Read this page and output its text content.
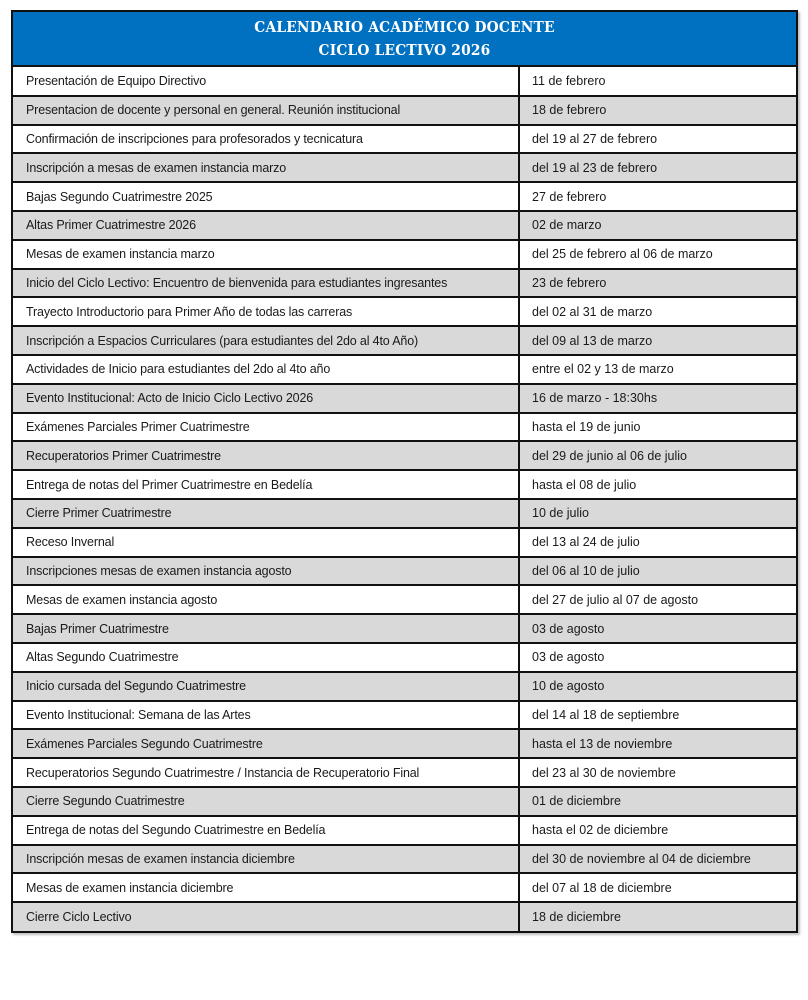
CALENDARIO ACADÉMICO DOCENTE
CICLO LECTIVO 2026
Presentación de Equipo Directivo	11 de febrero
Presentacion de docente y personal en general. Reunión institucional	18 de febrero
Confirmación de inscripciones para profesorados y tecnicatura	del 19 al 27 de febrero
Inscripción a mesas de examen instancia marzo	del 19 al 23 de febrero
Bajas Segundo Cuatrimestre 2025	27 de febrero
Altas Primer Cuatrimestre 2026	02 de marzo
Mesas de examen instancia marzo	del 25 de febrero al 06 de marzo
Inicio del Ciclo Lectivo: Encuentro de bienvenida para estudiantes ingresantes	23 de febrero
Trayecto Introductorio para Primer Año de todas las carreras	del 02 al 31 de marzo
Inscripción a Espacios Curriculares (para estudiantes del 2do al 4to Año)	del 09 al 13 de marzo
Actividades de Inicio para estudiantes del 2do al 4to año	entre el 02 y 13 de marzo
Evento Institucional: Acto de Inicio Ciclo Lectivo 2026	16 de marzo - 18:30hs
Exámenes Parciales Primer Cuatrimestre	hasta el 19 de junio
Recuperatorios Primer Cuatrimestre	del 29 de junio al 06 de julio
Entrega de notas del Primer Cuatrimestre en Bedelía	hasta el 08 de julio
Cierre Primer Cuatrimestre	10 de julio
Receso Invernal	del 13 al 24 de julio
Inscripciones mesas de examen instancia agosto	del 06 al 10 de julio
Mesas de examen instancia agosto	del 27 de julio al 07 de agosto
Bajas Primer Cuatrimestre	03 de agosto
Altas Segundo Cuatrimestre	03 de agosto
Inicio cursada del Segundo Cuatrimestre	10 de agosto
Evento Institucional: Semana de las Artes	del 14 al 18 de septiembre
Exámenes Parciales Segundo Cuatrimestre	hasta el 13 de noviembre
Recuperatorios Segundo Cuatrimestre / Instancia de Recuperatorio Final	del 23 al 30 de noviembre
Cierre Segundo Cuatrimestre	01 de diciembre
Entrega de notas del Segundo Cuatrimestre en Bedelía	hasta el 02 de diciembre
Inscripción mesas de examen instancia diciembre	del 30 de noviembre al 04 de diciembre
Mesas de examen instancia diciembre	del 07 al 18 de diciembre
Cierre Ciclo Lectivo	18 de diciembre
